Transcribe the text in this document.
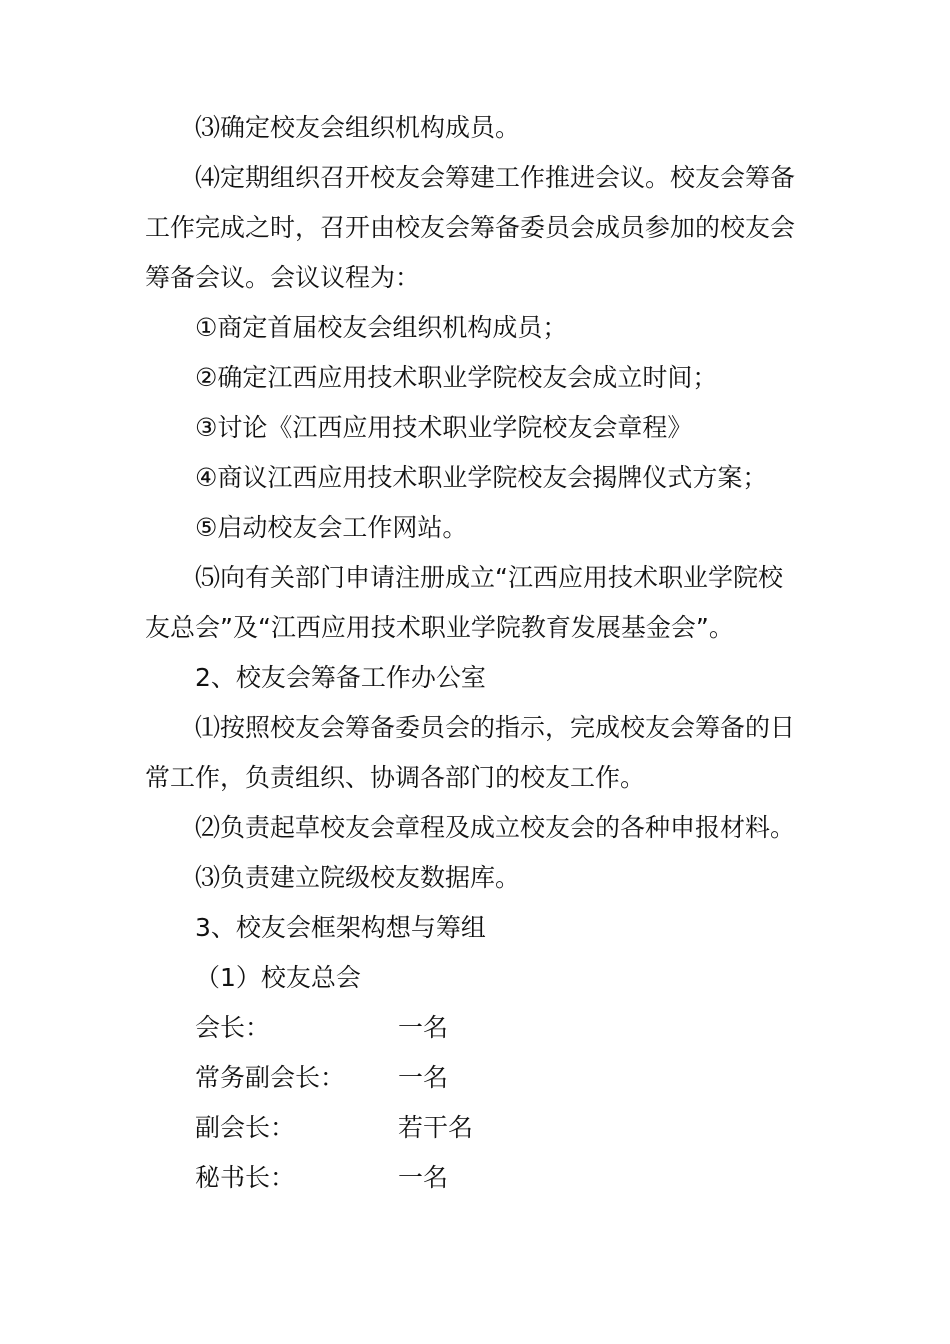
⑶确定校友会组织机构成员。
⑷定期组织召开校友会筹建工作推进会议。校友会筹备
工作完成之时，召开由校友会筹备委员会成员参加的校友会
筹备会议。会议议程为：
①商定首届校友会组织机构成员；
②确定江西应用技术职业学院校友会成立时间；
③讨论《江西应用技术职业学院校友会章程》
④商议江西应用技术职业学院校友会揭牌仪式方案；
⑤启动校友会工作网站。
⑸向有关部门申请注册成立“江西应用技术职业学院校
友总会”及“江西应用技术职业学院教育发展基金会”。
2、校友会筹备工作办公室
⑴按照校友会筹备委员会的指示，完成校友会筹备的日
常工作，负责组织、协调各部门的校友工作。
⑵负责起草校友会章程及成立校友会的各种申报材料。
⑶负责建立院级校友数据库。
3、校友会框架构想与筹组
（1）校友总会
会长：	一名
常务副会长：	一名
副会长：	若干名
秘书长：	一名
